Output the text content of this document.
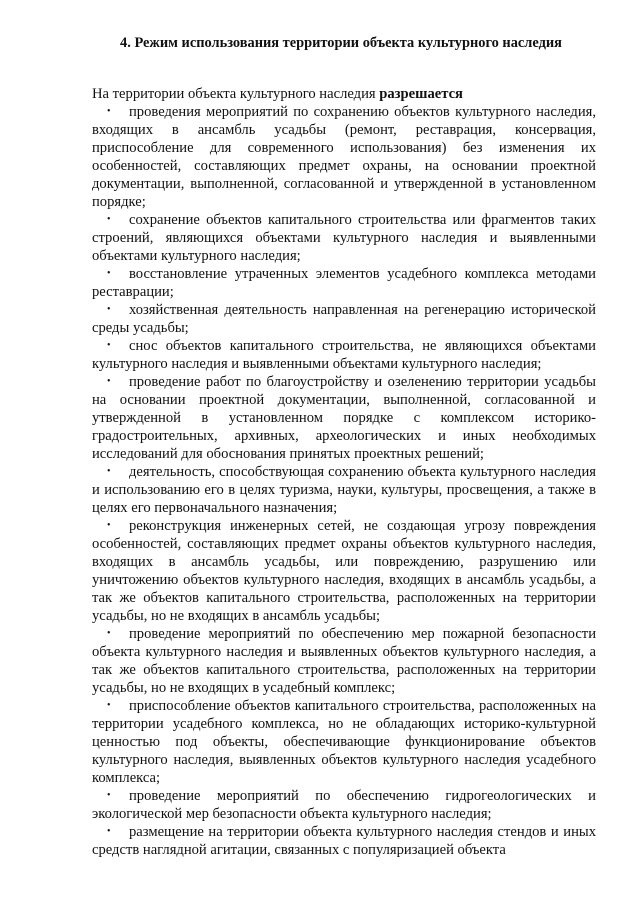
4. Режим использования территории объекта культурного наследия

На территории объекта культурного наследия разрешается

• проведения мероприятий по сохранению объектов культурного наследия, входящих в ансамбль усадьбы (ремонт, реставрация, консервация, приспособление для современного использования) без изменения их особенностей, составляющих предмет охраны, на основании проектной документации, выполненной, согласованной и утвержденной в установленном порядке;
• сохранение объектов капитального строительства или фрагментов таких строений, являющихся объектами культурного наследия и выявленными объектами культурного наследия;
• восстановление утраченных элементов усадебного комплекса методами реставрации;
• хозяйственная деятельность направленная на регенерацию исторической среды усадьбы;
• снос объектов капитального строительства, не являющихся объектами культурного наследия и выявленными объектами культурного наследия;
• проведение работ по благоустройству и озеленению территории усадьбы на основании проектной документации, выполненной, согласованной и утвержденной в установленном порядке с комплексом историко-градостроительных, архивных, археологических и иных необходимых исследований для обоснования принятых проектных решений;
• деятельность, способствующая сохранению объекта культурного наследия и использованию его в целях туризма, науки, культуры, просвещения, а также в целях его первоначального назначения;
• реконструкция инженерных сетей, не создающая угрозу повреждения особенностей, составляющих предмет охраны объектов культурного наследия, входящих в ансамбль усадьбы, или повреждению, разрушению или уничтожению объектов культурного наследия, входящих в ансамбль усадьбы, а так же объектов капитального строительства, расположенных на территории усадьбы, но не входящих в ансамбль усадьбы;
• проведение мероприятий по обеспечению мер пожарной безопасности объекта культурного наследия и выявленных объектов культурного наследия, а так же объектов капитального строительства, расположенных на территории усадьбы, но не входящих в усадебный комплекс;
• приспособление объектов капитального строительства, расположенных на территории усадебного комплекса, но не обладающих историко-культурной ценностью под объекты, обеспечивающие функционирование объектов культурного наследия, выявленных объектов культурного наследия усадебного комплекса;
• проведение мероприятий по обеспечению гидрогеологических и экологической мер безопасности объекта культурного наследия;
• размещение на территории объекта культурного наследия стендов и иных средств наглядной агитации, связанных с популяризацией объекта
